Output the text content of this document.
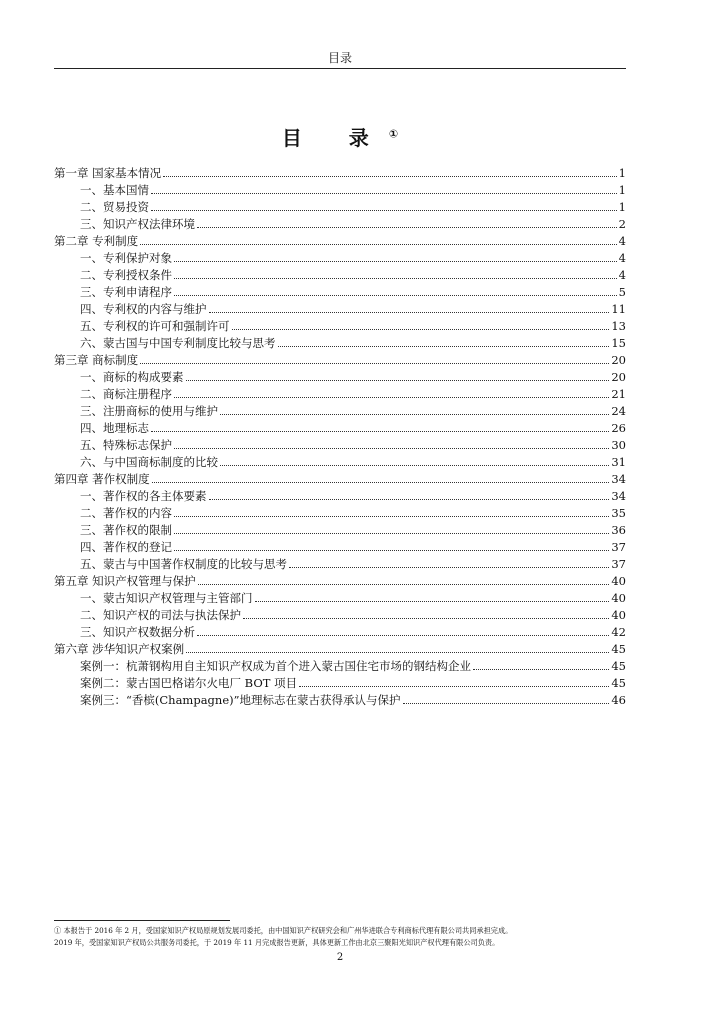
目录
目 录①
第一章 国家基本情况	1
一、基本国情	1
二、贸易投资	1
三、知识产权法律环境	2
第二章 专利制度	4
一、专利保护对象	4
二、专利授权条件	4
三、专利申请程序	5
四、专利权的内容与维护	11
五、专利权的许可和强制许可	13
六、蒙古国与中国专利制度比较与思考	15
第三章 商标制度	20
一、商标的构成要素	20
二、商标注册程序	21
三、注册商标的使用与维护	24
四、地理标志	26
五、特殊标志保护	30
六、与中国商标制度的比较	31
第四章 著作权制度	34
一、著作权的各主体要素	34
二、著作权的内容	35
三、著作权的限制	36
四、著作权的登记	37
五、蒙古与中国著作权制度的比较与思考	37
第五章 知识产权管理与保护	40
一、蒙古知识产权管理与主管部门	40
二、知识产权的司法与执法保护	40
三、知识产权数据分析	42
第六章 涉华知识产权案例	45
案例一：杭萧钢构用自主知识产权成为首个进入蒙古国住宅市场的钢结构企业	45
案例二：蒙古国巴格诺尔火电厂 BOT 项目	45
案例三：“香槟(Champagne)”地理标志在蒙古获得承认与保护	46
① 本报告于 2016 年 2 月，受国家知识产权局原规划发展司委托，由中国知识产权研究会和广州华进联合专利商标代理有限公司共同承担完成。
2019 年，受国家知识产权局公共服务司委托，于 2019 年 11 月完成报告更新，具体更新工作由北京三聚阳光知识产权代理有限公司负责。
2
